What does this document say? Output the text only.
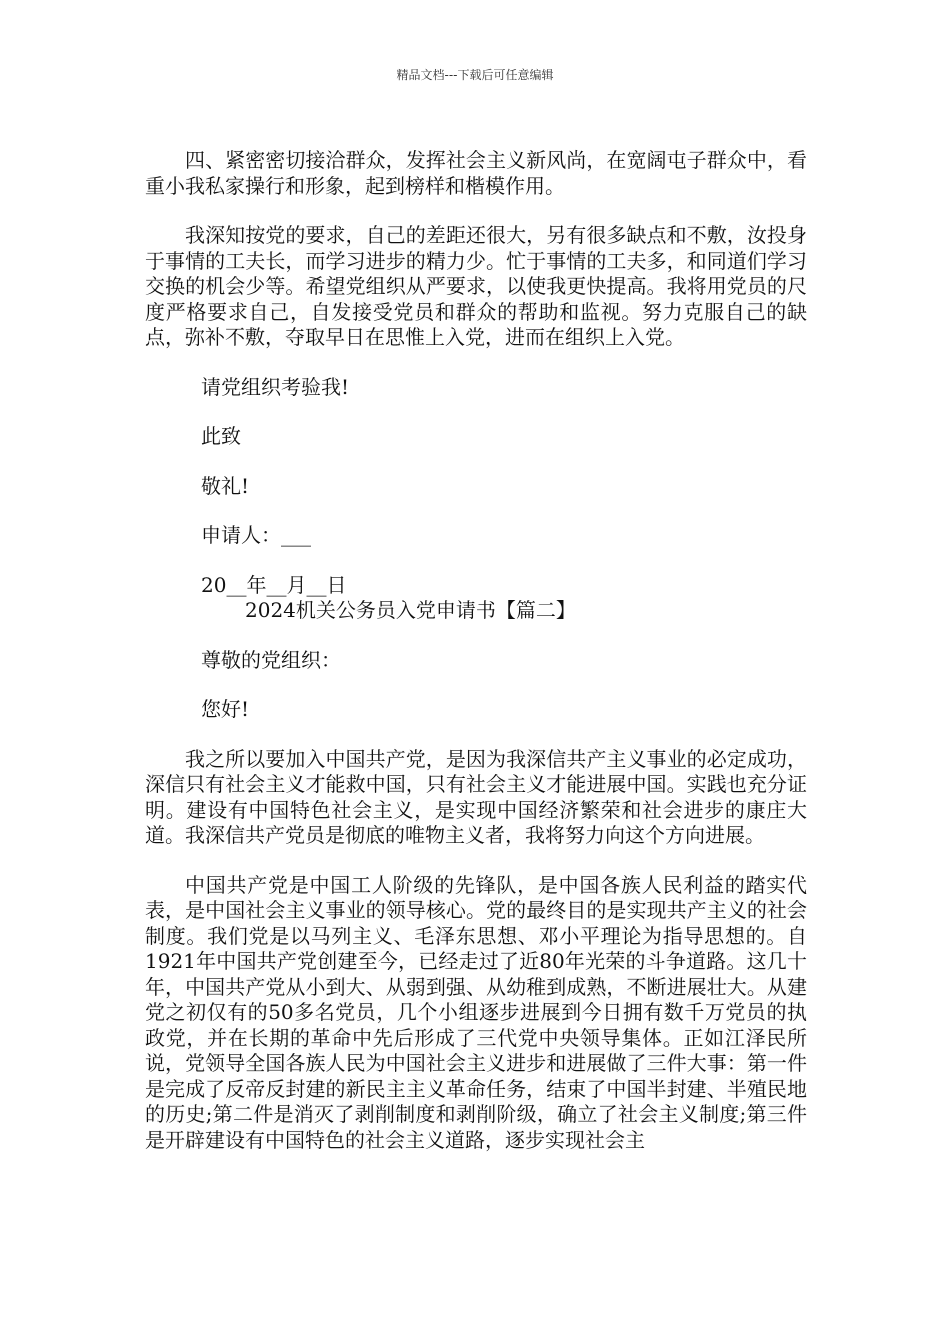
精品文档---下载后可任意编辑

四、紧密密切接洽群众，发挥社会主义新风尚，在宽阔屯子群众中，看重小我私家操行和形象，起到榜样和楷模作用。

我深知按党的要求，自己的差距还很大，另有很多缺点和不敷，汝投身于事情的工夫长，而学习进步的精力少。忙于事情的工夫多，和同道们学习交换的机会少等。希望党组织从严要求，以使我更快提高。我将用党员的尺度严格要求自己，自发接受党员和群众的帮助和监视。努力克服自己的缺点，弥补不敷，夺取早日在思惟上入党，进而在组织上入党。

请党组织考验我!

此致

敬礼!

申请人：___

20__年__月__日

2024机关公务员入党申请书【篇二】

尊敬的党组织：

您好!

我之所以要加入中国共产党，是因为我深信共产主义事业的必定成功，深信只有社会主义才能救中国，只有社会主义才能进展中国。实践也充分证明。建设有中国特色社会主义，是实现中国经济繁荣和社会进步的康庄大道。我深信共产党员是彻底的唯物主义者，我将努力向这个方向进展。

中国共产党是中国工人阶级的先锋队，是中国各族人民利益的踏实代表，是中国社会主义事业的领导核心。党的最终目的是实现共产主义的社会制度。我们党是以马列主义、毛泽东思想、邓小平理论为指导思想的。自1921年中国共产党创建至今，已经走过了近80年光荣的斗争道路。这几十年，中国共产党从小到大、从弱到强、从幼稚到成熟，不断进展壮大。从建党之初仅有的50多名党员，几个小组逐步进展到今日拥有数千万党员的执政党，并在长期的革命中先后形成了三代党中央领导集体。正如江泽民所说，党领导全国各族人民为中国社会主义进步和进展做了三件大事：第一件是完成了反帝反封建的新民主主义革命任务，结束了中国半封建、半殖民地的历史;第二件是消灭了剥削制度和剥削阶级，确立了社会主义制度;第三件是开辟建设有中国特色的社会主义道路，逐步实现社会主
